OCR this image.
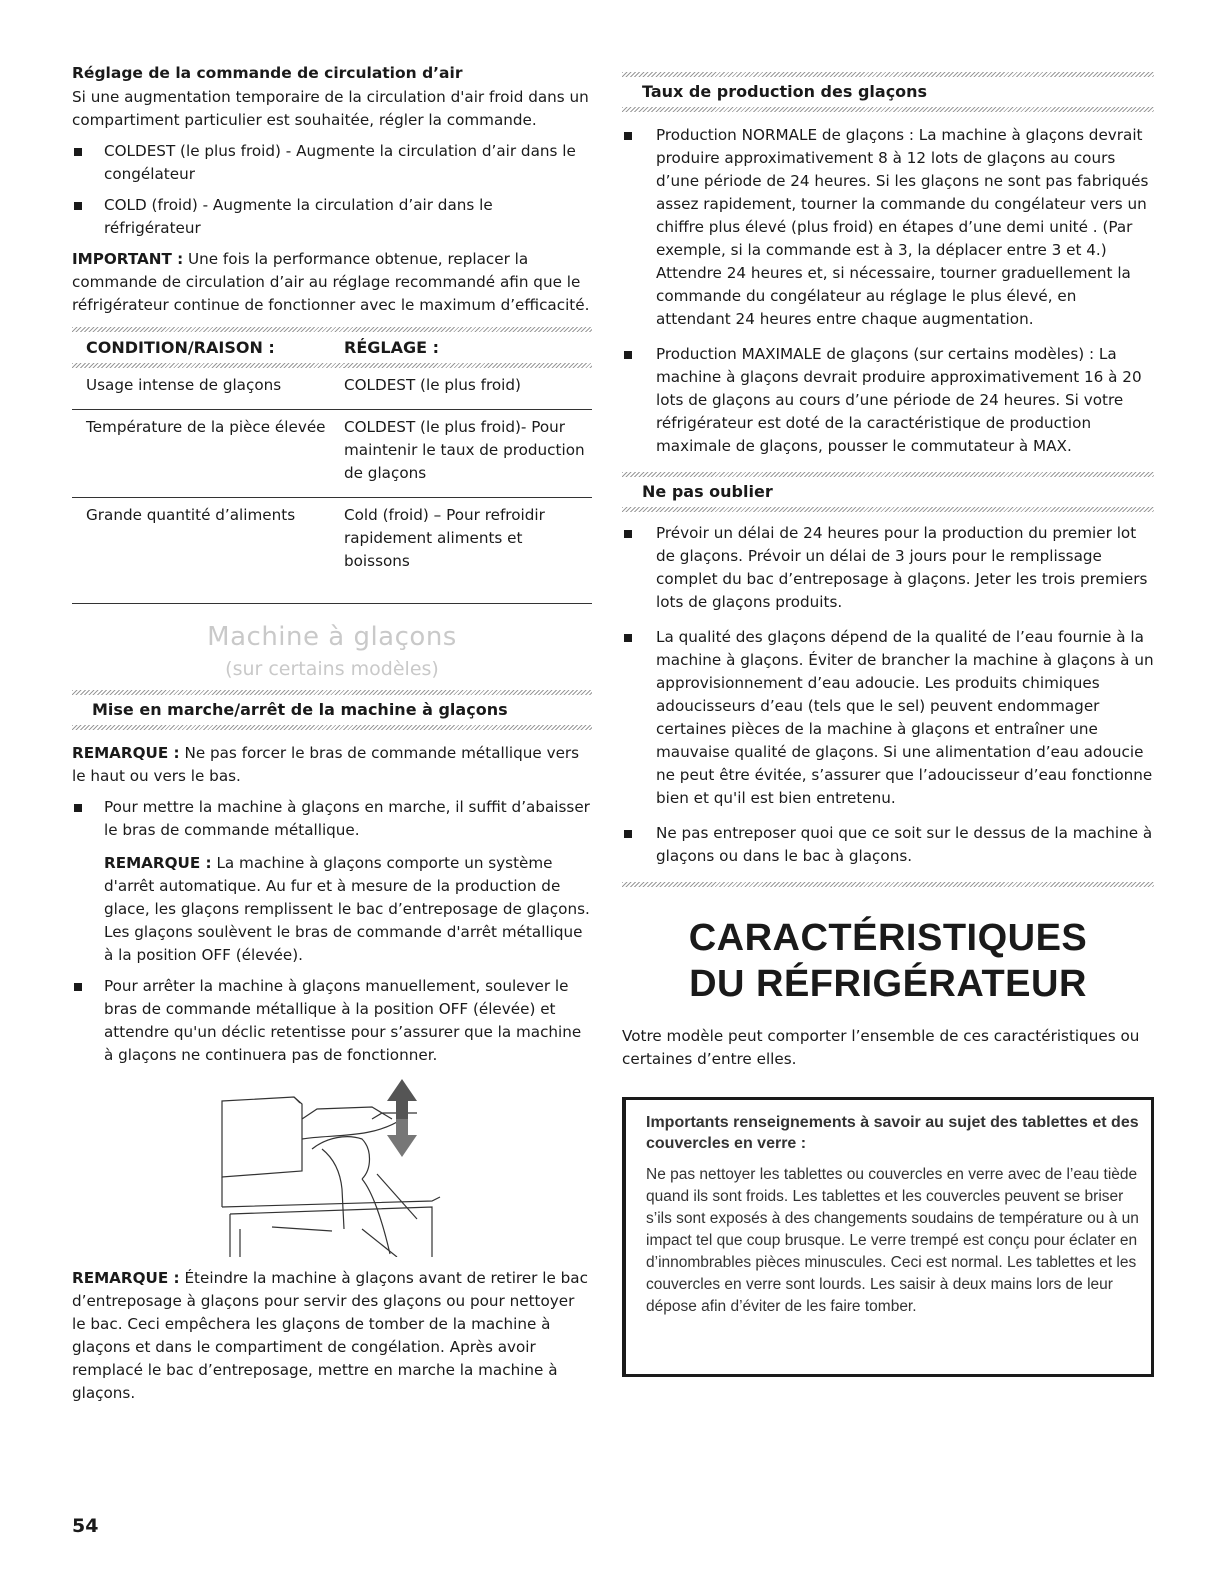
Réglage de la commande de circulation d’air

Si une augmentation temporaire de la circulation d'air froid dans un compartiment particulier est souhaitée, régler la commande.

COLDEST (le plus froid) - Augmente la circulation d’air dans le congélateur

COLD (froid) - Augmente la circulation d’air dans le réfrigérateur

IMPORTANT : Une fois la performance obtenue, replacer la commande de circulation d’air au réglage recommandé afin que le réfrigérateur continue de fonctionner avec le maximum d’efficacité.

CONDITION/RAISON :	RÉGLAGE :
Usage intense de glaçons	COLDEST (le plus froid)
Température de la pièce élevée	COLDEST (le plus froid)- Pour maintenir le taux de production de glaçons
Grande quantité d’aliments	Cold (froid) – Pour refroidir rapidement aliments et boissons

Machine à glaçons

(sur certains modèles)

Mise en marche/arrêt de la machine à glaçons

REMARQUE : Ne pas forcer le bras de commande métallique vers le haut ou vers le bas.

Pour mettre la machine à glaçons en marche, il suffit d’abaisser le bras de commande métallique.

REMARQUE : La machine à glaçons comporte un système d'arrêt automatique. Au fur et à mesure de la production de glace, les glaçons remplissent le bac d’entreposage de glaçons. Les glaçons soulèvent le bras de commande d'arrêt métallique à la position OFF (élevée).

Pour arrêter la machine à glaçons manuellement, soulever le bras de commande métallique à la position OFF (élevée) et attendre qu'un déclic retentisse pour s’assurer que la machine à glaçons ne continuera pas de fonctionner.

REMARQUE : Éteindre la machine à glaçons avant de retirer le bac d’entreposage à glaçons pour servir des glaçons ou pour nettoyer le bac. Ceci empêchera les glaçons de tomber de la machine à glaçons et dans le compartiment de congélation. Après avoir remplacé le bac d’entreposage, mettre en marche la machine à glaçons.

Taux de production des glaçons

Production NORMALE de glaçons : La machine à glaçons devrait produire approximativement 8 à 12 lots de glaçons au cours d’une période de 24 heures. Si les glaçons ne sont pas fabriqués assez rapidement, tourner la commande du congélateur vers un chiffre plus élevé (plus froid) en étapes d’une demi unité . (Par exemple, si la commande est à 3, la déplacer entre 3 et 4.) Attendre 24 heures et, si nécessaire, tourner graduellement la commande du congélateur au réglage le plus élevé, en attendant 24 heures entre chaque augmentation.

Production MAXIMALE de glaçons (sur certains modèles) : La machine à glaçons devrait produire approximativement 16 à 20 lots de glaçons au cours d’une période de 24 heures. Si votre réfrigérateur est doté de la caractéristique de production maximale de glaçons, pousser le commutateur à MAX.

Ne pas oublier

Prévoir un délai de 24 heures pour la production du premier lot de glaçons. Prévoir un délai de 3 jours pour le remplissage complet du bac d’entreposage à glaçons. Jeter les trois premiers lots de glaçons produits.

La qualité des glaçons dépend de la qualité de l’eau fournie à la machine à glaçons. Éviter de brancher la machine à glaçons à un approvisionnement d’eau adoucie. Les produits chimiques adoucisseurs d’eau (tels que le sel) peuvent endommager certaines pièces de la machine à glaçons et entraîner une mauvaise qualité de glaçons. Si une alimentation d’eau adoucie ne peut être évitée, s’assurer que l’adoucisseur d’eau fonctionne bien et qu'il est bien entretenu.

Ne pas entreposer quoi que ce soit sur le dessus de la machine à glaçons ou dans le bac à glaçons.

CARACTÉRISTIQUES
DU RÉFRIGÉRATEUR

Votre modèle peut comporter l’ensemble de ces caractéristiques ou certaines d’entre elles.

Importants renseignements à savoir au sujet des tablettes et des couvercles en verre :
Ne pas nettoyer les tablettes ou couvercles en verre avec de l’eau tiède quand ils sont froids. Les tablettes et les couvercles peuvent se briser s’ils sont exposés à des changements soudains de température ou à un impact tel que coup brusque. Le verre trempé est conçu pour éclater en d’innombrables pièces minuscules. Ceci est normal. Les tablettes et les couvercles en verre sont lourds. Les saisir à deux mains lors de leur dépose afin d’éviter de les faire tomber.
54
